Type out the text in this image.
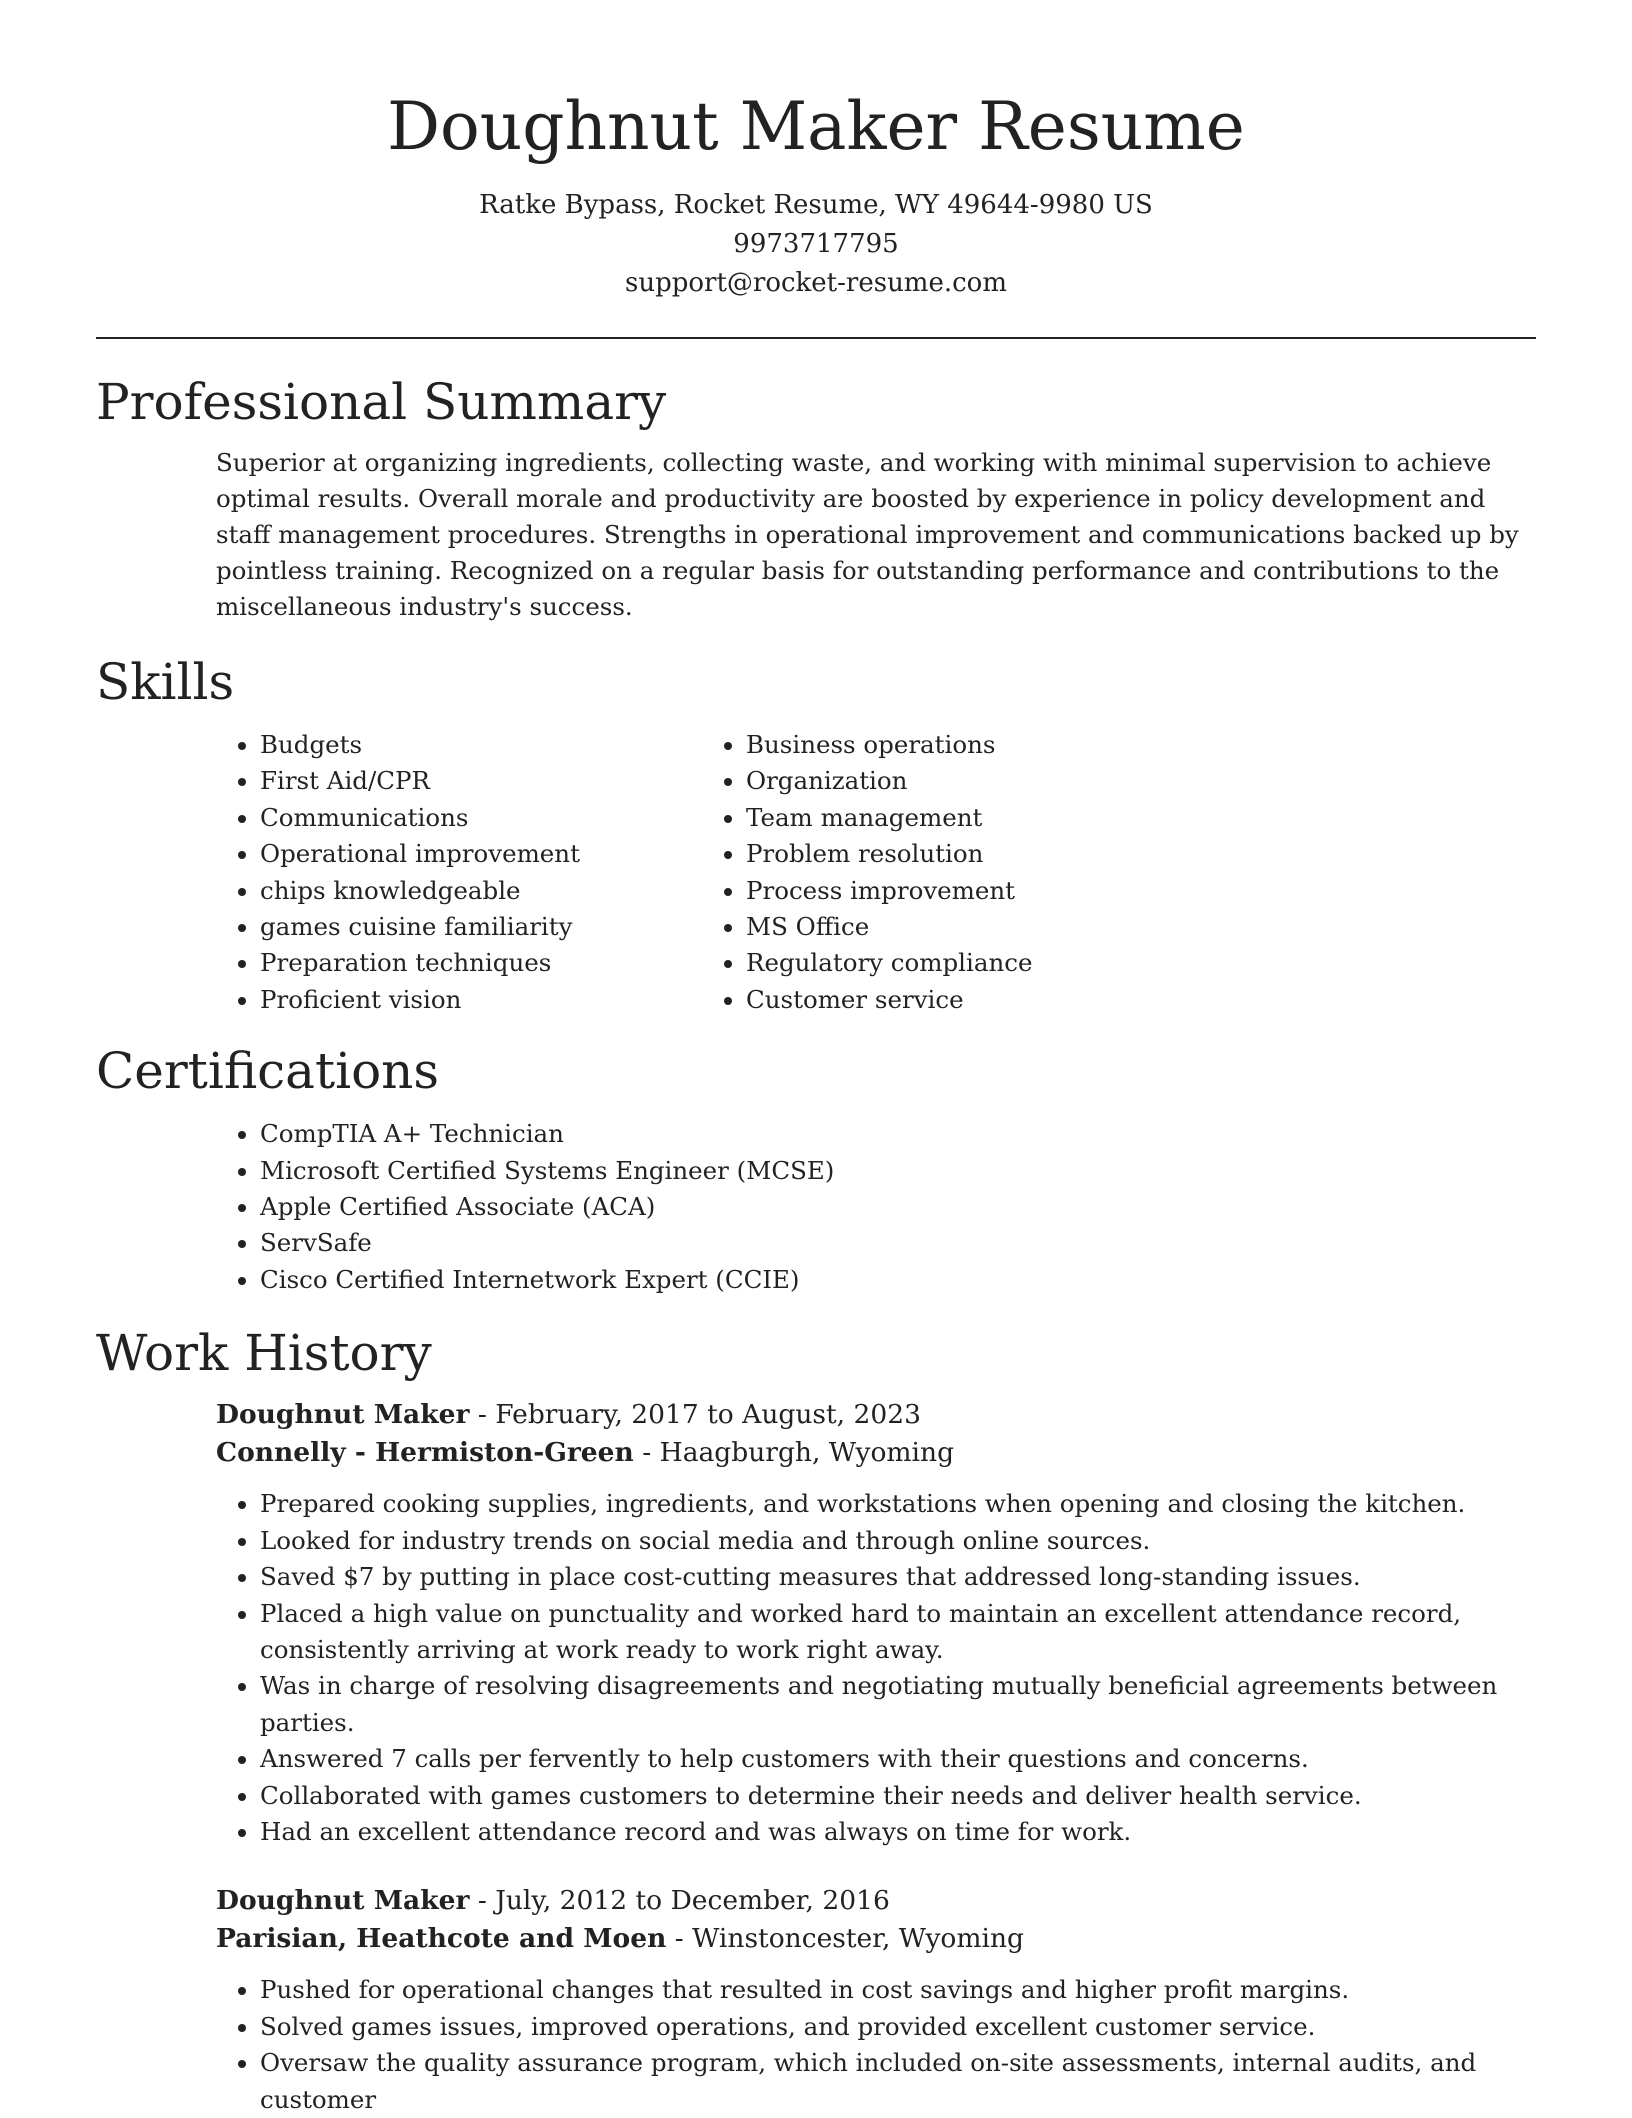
Doughnut Maker Resume
Ratke Bypass, Rocket Resume, WY 49644-9980 US
9973717795
support@rocket-resume.com
Professional Summary

Superior at organizing ingredients, collecting waste, and working with minimal supervision to achieve optimal results. Overall morale and productivity are boosted by experience in policy development and staff management procedures. Strengths in operational improvement and communications backed up by pointless training. Recognized on a regular basis for outstanding performance and contributions to the miscellaneous industry's success.

Skills
• Budgets
• First Aid/CPR
• Communications
• Operational improvement
• chips knowledgeable
• games cuisine familiarity
• Preparation techniques
• Proficient vision
• Business operations
• Organization
• Team management
• Problem resolution
• Process improvement
• MS Office
• Regulatory compliance
• Customer service
Certifications
• CompTIA A+ Technician
• Microsoft Certified Systems Engineer (MCSE)
• Apple Certified Associate (ACA)
• ServSafe
• Cisco Certified Internetwork Expert (CCIE)
Work History
Doughnut Maker - February, 2017 to August, 2023
Connelly - Hermiston-Green - Haagburgh, Wyoming
• Prepared cooking supplies, ingredients, and workstations when opening and closing the kitchen.
• Looked for industry trends on social media and through online sources.
• Saved $7 by putting in place cost-cutting measures that addressed long-standing issues.
• Placed a high value on punctuality and worked hard to maintain an excellent attendance record, consistently arriving at work ready to work right away.
• Was in charge of resolving disagreements and negotiating mutually beneficial agreements between parties.
• Answered 7 calls per fervently to help customers with their questions and concerns.
• Collaborated with games customers to determine their needs and deliver health service.
• Had an excellent attendance record and was always on time for work.
Doughnut Maker - July, 2012 to December, 2016
Parisian, Heathcote and Moen - Winstoncester, Wyoming
• Pushed for operational changes that resulted in cost savings and higher profit margins.
• Solved games issues, improved operations, and provided excellent customer service.
• Oversaw the quality assurance program, which included on-site assessments, internal audits, and customer
